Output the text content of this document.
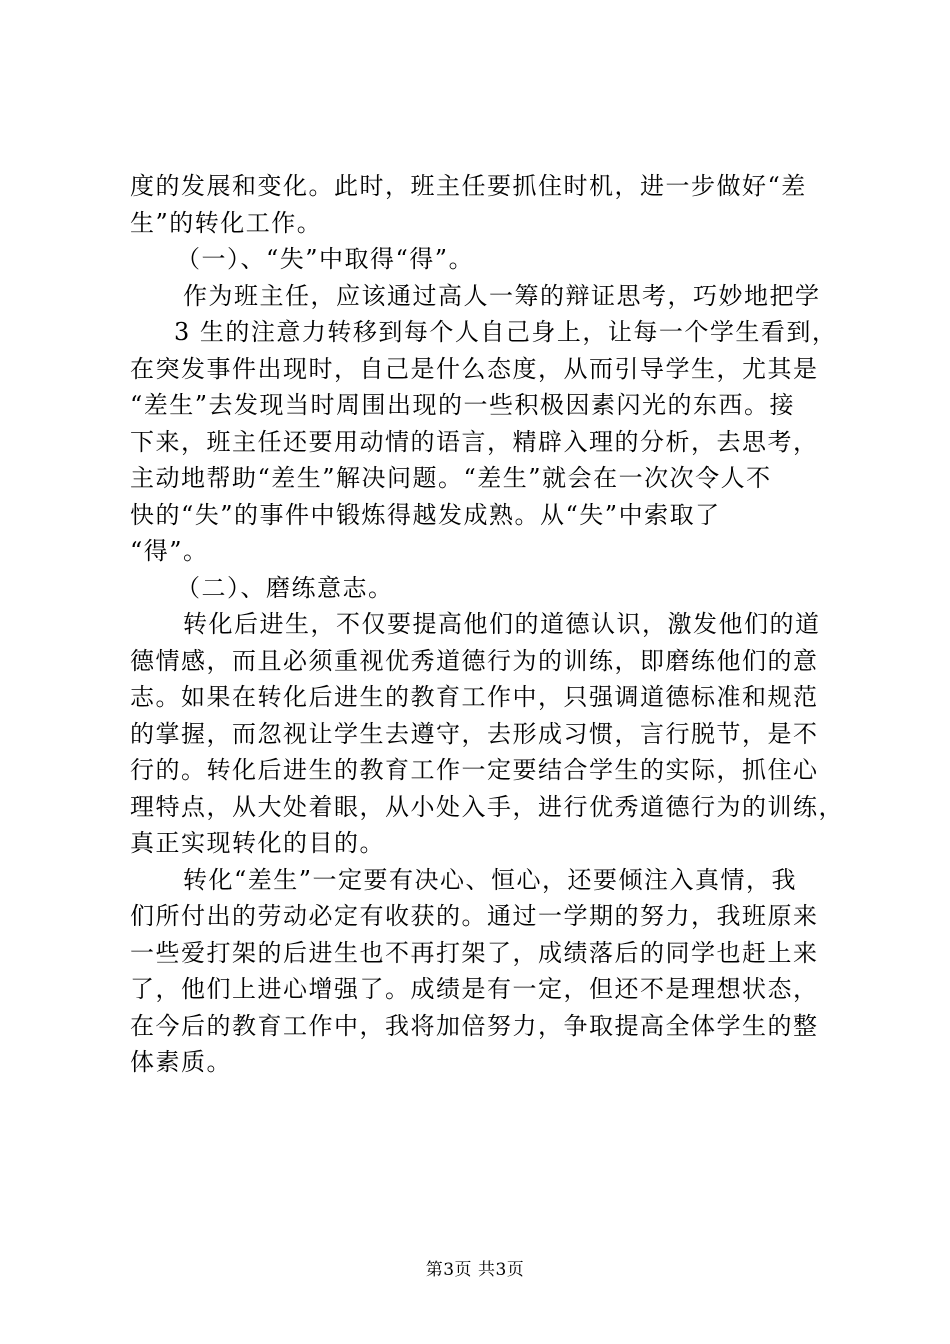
度的发展和变化。此时，班主任要抓住时机，进一步做好“差
生”的转化工作。
（一）、“失”中取得“得”。
作为班主任，应该通过高人一筹的辩证思考，巧妙地把学
3 生的注意力转移到每个人自己身上，让每一个学生看到，
在突发事件出现时，自己是什么态度，从而引导学生，尤其是
“差生”去发现当时周围出现的一些积极因素闪光的东西。接
下来，班主任还要用动情的语言，精辟入理的分析，去思考，
主动地帮助“差生”解决问题。“差生”就会在一次次令人不
快的“失”的事件中锻炼得越发成熟。从“失”中索取了
“得”。
（二）、磨练意志。
转化后进生，不仅要提高他们的道德认识，激发他们的道
德情感，而且必须重视优秀道德行为的训练，即磨练他们的意
志。如果在转化后进生的教育工作中，只强调道德标准和规范
的掌握，而忽视让学生去遵守，去形成习惯，言行脱节，是不
行的。转化后进生的教育工作一定要结合学生的实际，抓住心
理特点，从大处着眼，从小处入手，进行优秀道德行为的训练，
真正实现转化的目的。
转化“差生”一定要有决心、恒心，还要倾注入真情，我
们所付出的劳动必定有收获的。通过一学期的努力，我班原来
一些爱打架的后进生也不再打架了，成绩落后的同学也赶上来
了，他们上进心增强了。成绩是有一定，但还不是理想状态，
在今后的教育工作中，我将加倍努力，争取提高全体学生的整
体素质。
第3页 共3页
